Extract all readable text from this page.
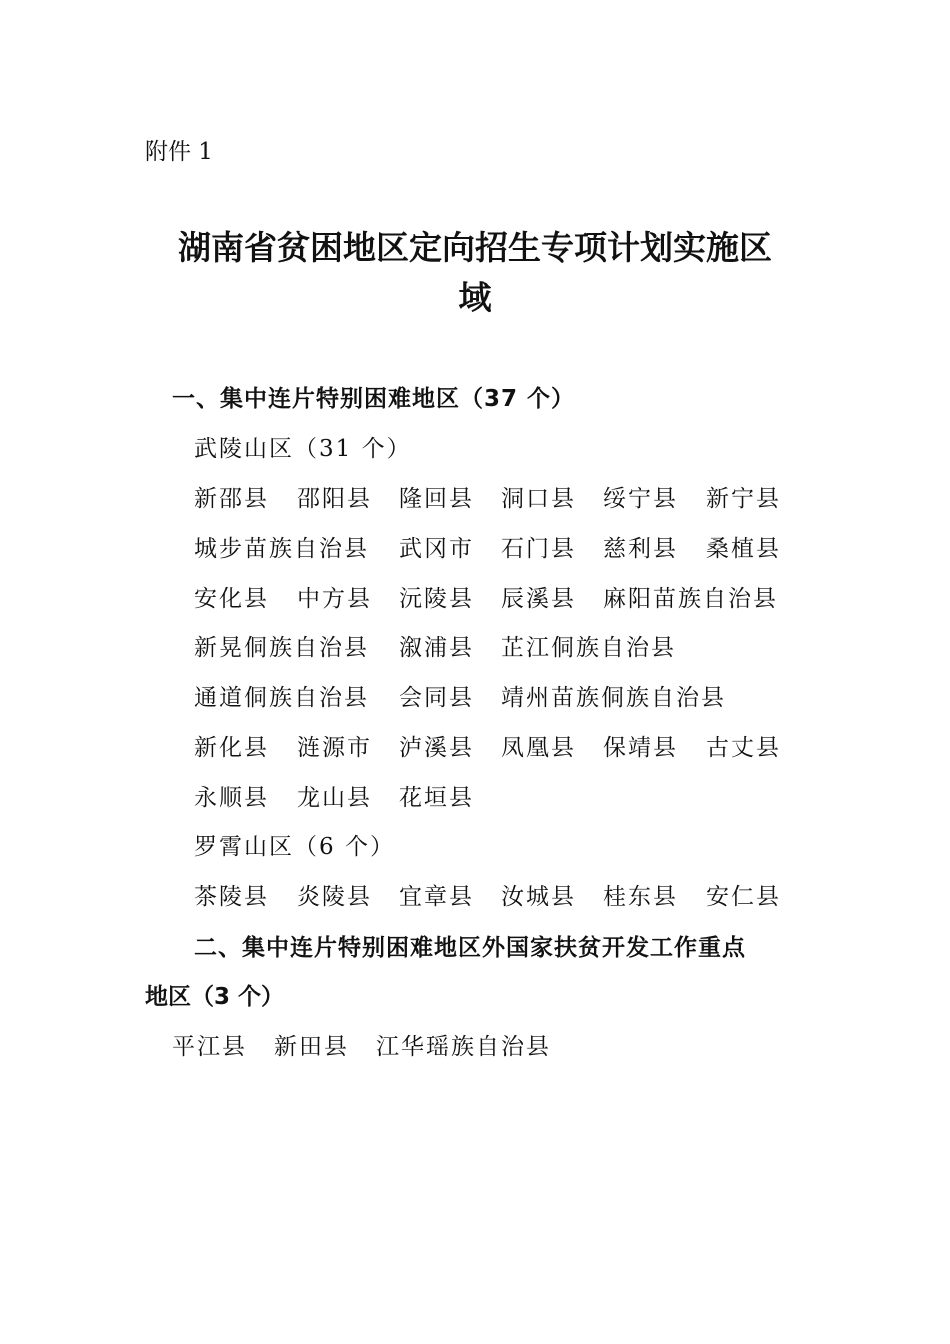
附件 1
湖南省贫困地区定向招生专项计划实施区
域
一、集中连片特别困难地区（37 个）
武陵山区（31 个）
新邵县 邵阳县 隆回县 洞口县 绥宁县 新宁县
城步苗族自治县 武冈市 石门县 慈利县 桑植县
安化县 中方县 沅陵县 辰溪县 麻阳苗族自治县
新晃侗族自治县 溆浦县 芷江侗族自治县
通道侗族自治县 会同县 靖州苗族侗族自治县
新化县 涟源市 泸溪县 凤凰县 保靖县 古丈县
永顺县 龙山县 花垣县
罗霄山区（6 个）
茶陵县 炎陵县 宜章县 汝城县 桂东县 安仁县
二、集中连片特别困难地区外国家扶贫开发工作重点
地区（3 个）
平江县 新田县 江华瑶族自治县
